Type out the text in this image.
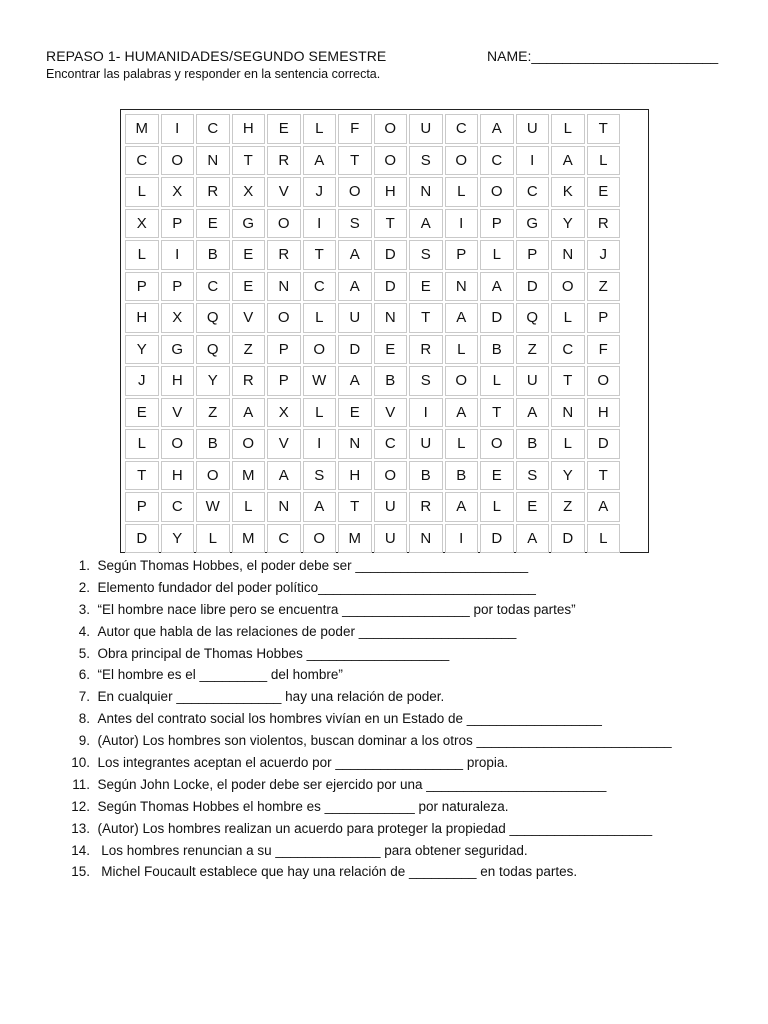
REPASO 1- HUMANIDADES/SEGUNDO SEMESTRE	NAME:________________________
Encontrar las palabras y responder en la sentencia correcta.
M	I	C	H	E	L	F	O	U	C	A	U	L	T
C	O	N	T	R	A	T	O	S	O	C	I	A	L
L	X	R	X	V	J	O	H	N	L	O	C	K	E
X	P	E	G	O	I	S	T	A	I	P	G	Y	R
L	I	B	E	R	T	A	D	S	P	L	P	N	J
P	P	C	E	N	C	A	D	E	N	A	D	O	Z
H	X	Q	V	O	L	U	N	T	A	D	Q	L	P
Y	G	Q	Z	P	O	D	E	R	L	B	Z	C	F
J	H	Y	R	P	W	A	B	S	O	L	U	T	O
E	V	Z	A	X	L	E	V	I	A	T	A	N	H
L	O	B	O	V	I	N	C	U	L	O	B	L	D
T	H	O	M	A	S	H	O	B	B	E	S	Y	T
P	C	W	L	N	A	T	U	R	A	L	E	Z	A
D	Y	L	M	C	O	M	U	N	I	D	A	D	L
1. Según Thomas Hobbes, el poder debe ser _______________________
2. Elemento fundador del poder político_____________________________
3. “El hombre nace libre pero se encuentra _________________ por todas partes”
4. Autor que habla de las relaciones de poder _____________________
5. Obra principal de Thomas Hobbes ___________________
6. “El hombre es el _________ del hombre”
7. En cualquier ______________ hay una relación de poder.
8. Antes del contrato social los hombres vivían en un Estado de __________________
9. (Autor) Los hombres son violentos, buscan dominar a los otros __________________________
10. Los integrantes aceptan el acuerdo por _________________ propia.
11. Según John Locke, el poder debe ser ejercido por una ________________________
12. Según Thomas Hobbes el hombre es ____________ por naturaleza.
13. (Autor) Los hombres realizan un acuerdo para proteger la propiedad ___________________
14.   Los hombres renuncian a su ______________ para obtener seguridad.
15.   Michel Foucault establece que hay una relación de _________ en todas partes.
